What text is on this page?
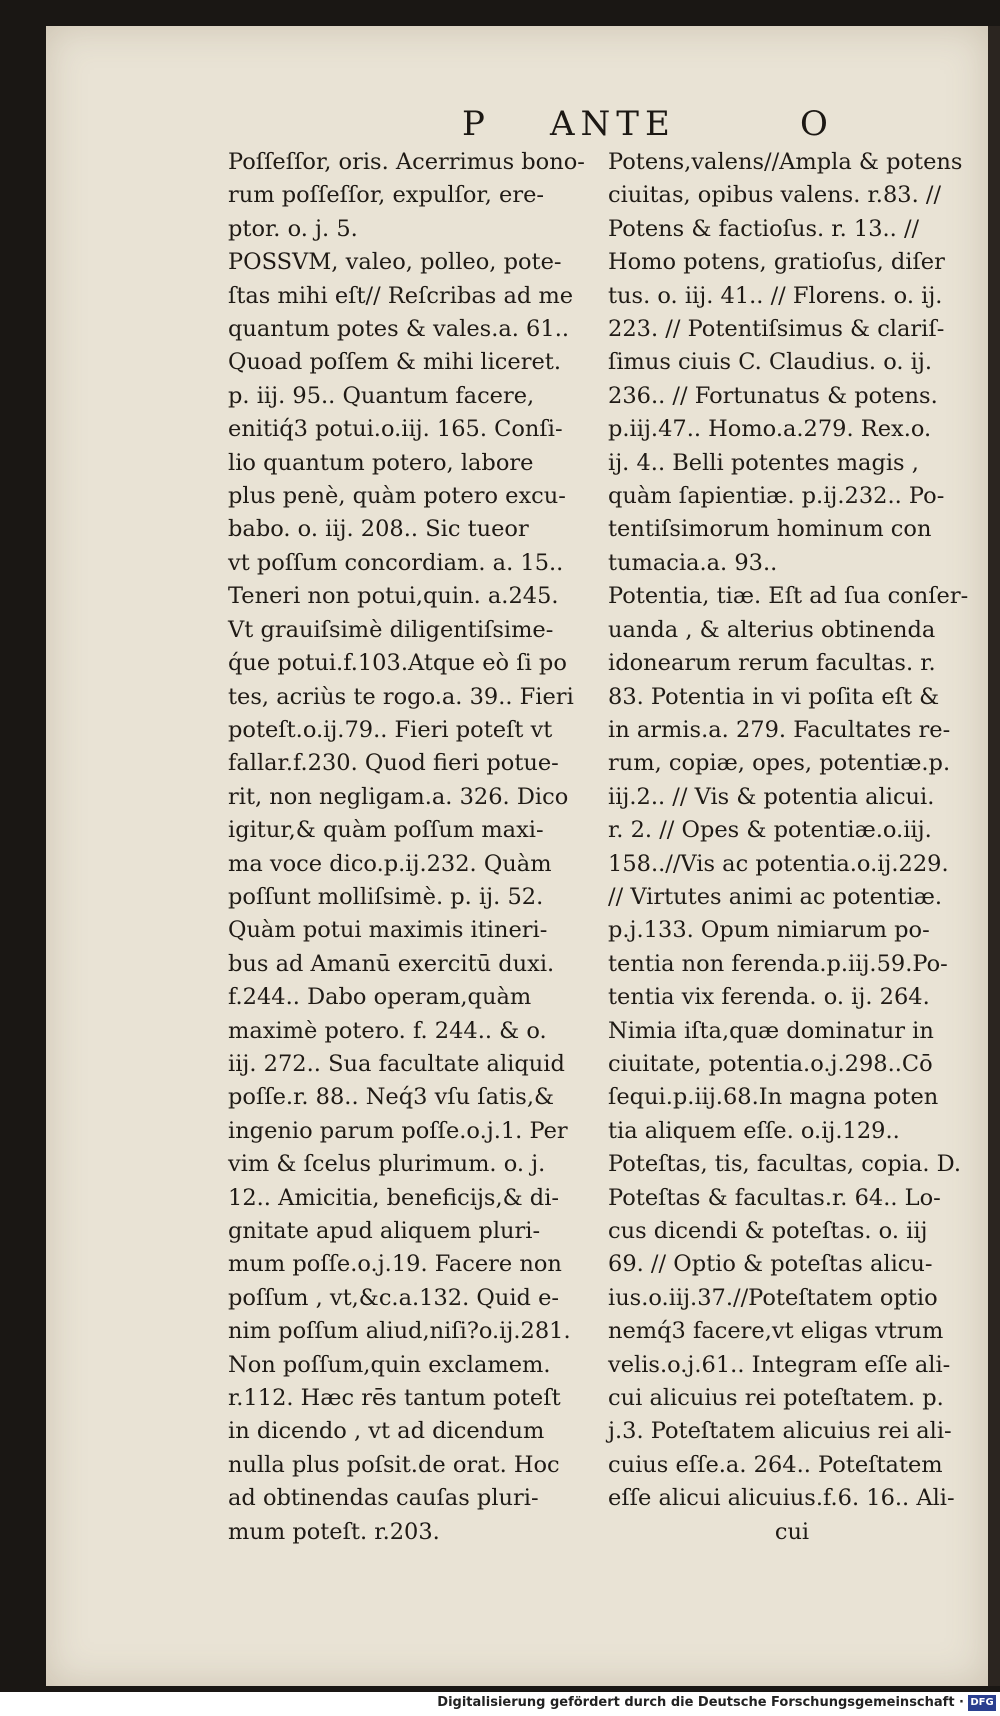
P ANTE	O
Poſſeſſor, oris. Acerrimus bono-
rum poſſeſſor, expulſor, ere-
ptor. o. j. 5.
POSSVM, valeo, polleo, pote-
ſtas mihi eſt// Reſcribas ad me
quantum potes & vales.a. 61..
Quoad poſſem & mihi liceret.
p. iij. 95.. Quantum facere,
enitiq́3 potui.o.iij. 165. Conſi-
lio quantum potero, labore
plus penè, quàm potero excu-
babo. o. iij. 208.. Sic tueor
vt poſſum concordiam. a. 15..
Teneri non potui,quin. a.245.
Vt grauiſsimè diligentiſsime-
q́ue potui.f.103.Atque eò ſi po
tes, acriùs te rogo.a. 39.. Fieri
poteſt.o.ij.79.. Fieri poteſt vt
fallar.f.230. Quod fieri potue-
rit, non negligam.a. 326. Dico
igitur,& quàm poſſum maxi-
ma voce dico.p.ij.232. Quàm
poſſunt molliſsimè. p. ij. 52.
Quàm potui maximis itineri-
bus ad Amanū exercitū duxi.
f.244.. Dabo operam,quàm
maximè potero. f. 244.. & o.
iij. 272.. Sua facultate aliquid
poſſe.r. 88.. Neq́3 vſu ſatis,&
ingenio parum poſſe.o.j.1. Per
vim & ſcelus plurimum. o. j.
12.. Amicitia, beneficijs,& di-
gnitate apud aliquem pluri-
mum poſſe.o.j.19. Facere non
poſſum , vt,&c.a.132. Quid e-
nim poſſum aliud,niſi?o.ij.281.
Non poſſum,quin exclamem.
r.112. Hæc rēs tantum poteſt
in dicendo , vt ad dicendum
nulla plus poſsit.de orat. Hoc
ad obtinendas cauſas pluri-
mum poteſt. r.203.
Potens,valens//Ampla & potens
ciuitas, opibus valens. r.83. //
Potens & factioſus. r. 13.. //
Homo potens, gratioſus, diſer
tus. o. iij. 41.. // Florens. o. ij.
223. // Potentiſsimus & clariſ-
ſimus ciuis C. Claudius. o. ij.
236.. // Fortunatus & potens.
p.iij.47.. Homo.a.279. Rex.o.
ij. 4.. Belli potentes magis ,
quàm ſapientiæ. p.ij.232.. Po-
tentiſsimorum hominum con
tumacia.a. 93..
Potentia, tiæ. Eſt ad ſua conſer-
uanda , & alterius obtinenda
idonearum rerum facultas. r.
83. Potentia in vi poſita eſt &
in armis.a. 279. Facultates re-
rum, copiæ, opes, potentiæ.p.
iij.2.. // Vis & potentia alicui.
r. 2. // Opes & potentiæ.o.iij.
158..//Vis ac potentia.o.ij.229.
// Virtutes animi ac potentiæ.
p.j.133. Opum nimiarum po-
tentia non ferenda.p.iij.59.Po-
tentia vix ferenda. o. ij. 264.
Nimia iſta,quæ dominatur in
ciuitate, potentia.o.j.298..Cō
ſequi.p.iij.68.In magna poten
tia aliquem eſſe. o.ij.129..
Poteſtas, tis, facultas, copia. D.
Poteſtas & facultas.r. 64.. Lo-
cus dicendi & poteſtas. o. iij
69. // Optio & poteſtas alicu-
ius.o.iij.37.//Poteſtatem optio
nemq́3 facere,vt eligas vtrum
velis.o.j.61.. Integram eſſe ali-
cui alicuius rei poteſtatem. p.
j.3. Poteſtatem alicuius rei ali-
cuius eſſe.a. 264.. Poteſtatem
eſſe alicui alicuius.f.6. 16.. Ali-
cui
Digitalisierung gefördert durch die Deutsche Forschungsgemeinschaft · DFG
